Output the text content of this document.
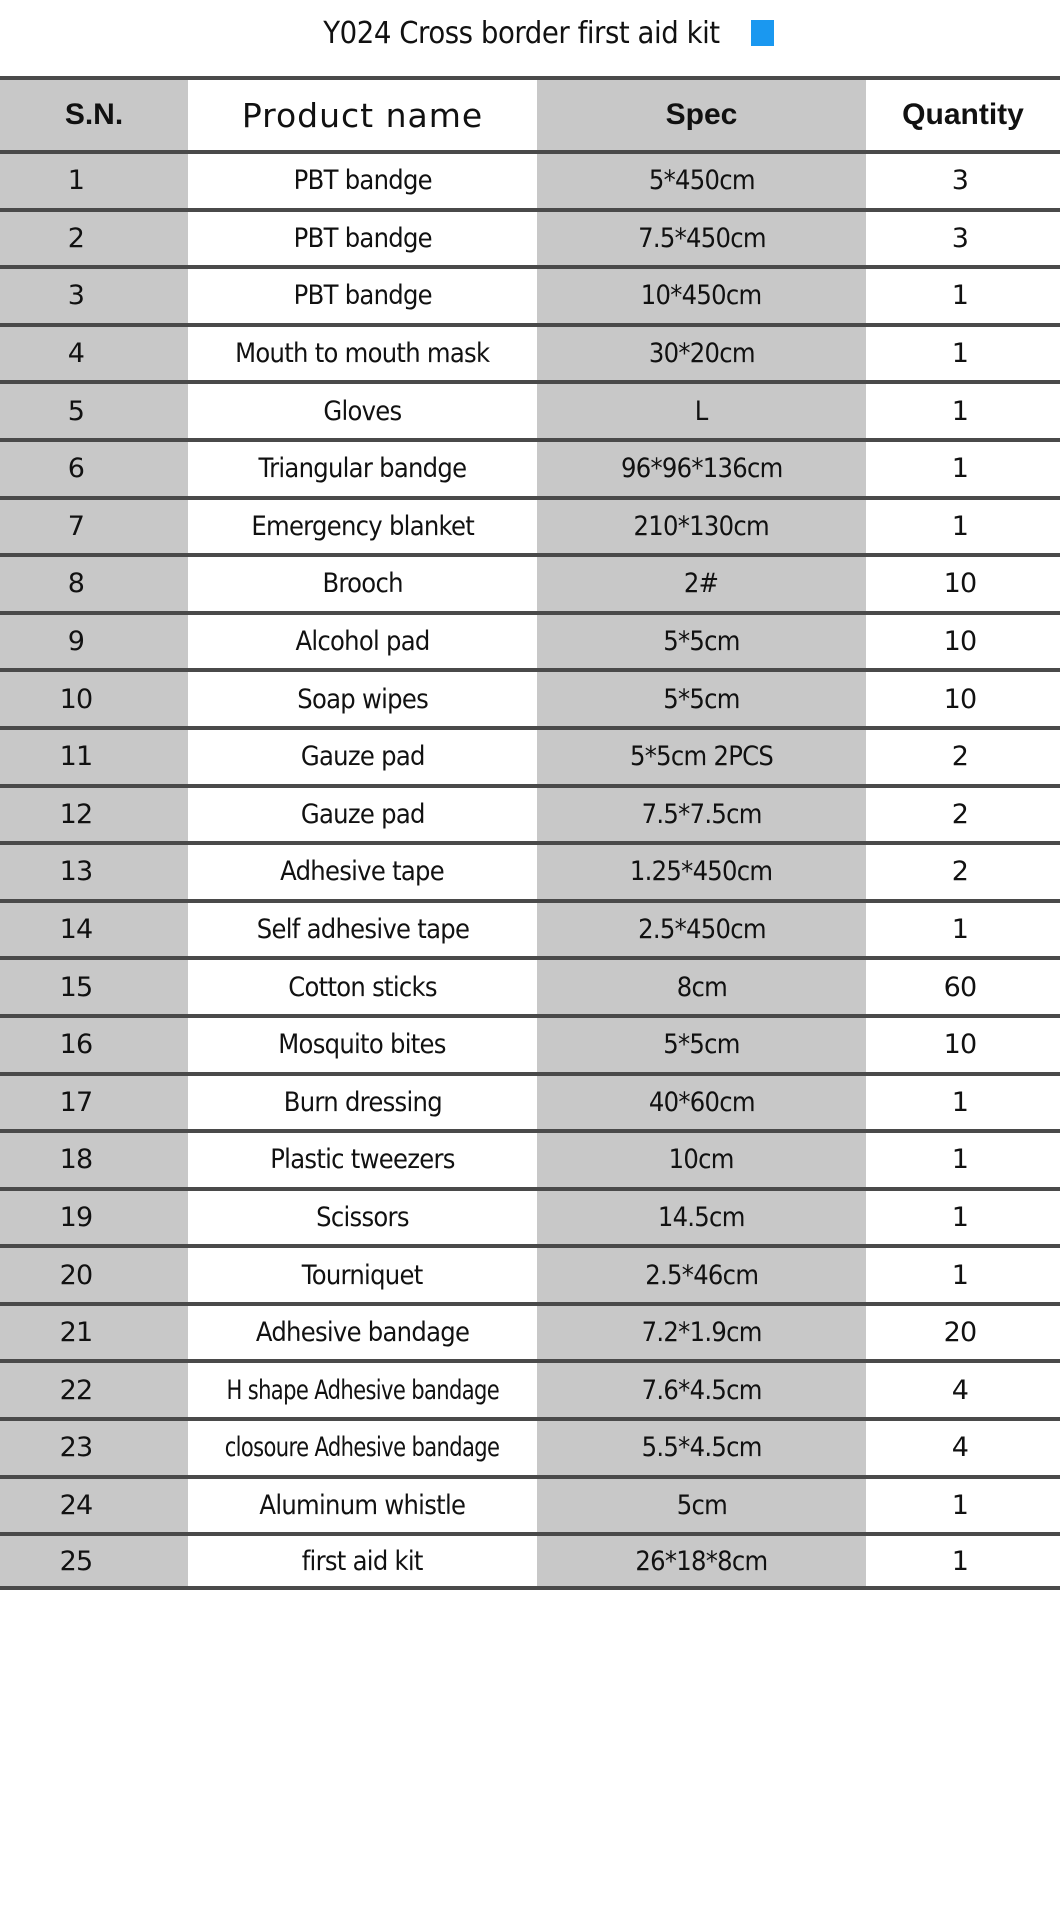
Y024 Cross border first aid kit
S.N.	Product name	Spec	Quantity
1	PBT bandge	5*450cm	3
2	PBT bandge	7.5*450cm	3
3	PBT bandge	10*450cm	1
4	Mouth to mouth mask	30*20cm	1
5	Gloves	L	1
6	Triangular bandge	96*96*136cm	1
7	Emergency blanket	210*130cm	1
8	Brooch	2#	10
9	Alcohol pad	5*5cm	10
10	Soap wipes	5*5cm	10
11	Gauze pad	5*5cm 2PCS	2
12	Gauze pad	7.5*7.5cm	2
13	Adhesive tape	1.25*450cm	2
14	Self adhesive tape	2.5*450cm	1
15	Cotton sticks	8cm	60
16	Mosquito bites	5*5cm	10
17	Burn dressing	40*60cm	1
18	Plastic tweezers	10cm	1
19	Scissors	14.5cm	1
20	Tourniquet	2.5*46cm	1
21	Adhesive bandage	7.2*1.9cm	20
22	H shape Adhesive bandage	7.6*4.5cm	4
23	closoure Adhesive bandage	5.5*4.5cm	4
24	Aluminum whistle	5cm	1
25	first aid kit	26*18*8cm	1
